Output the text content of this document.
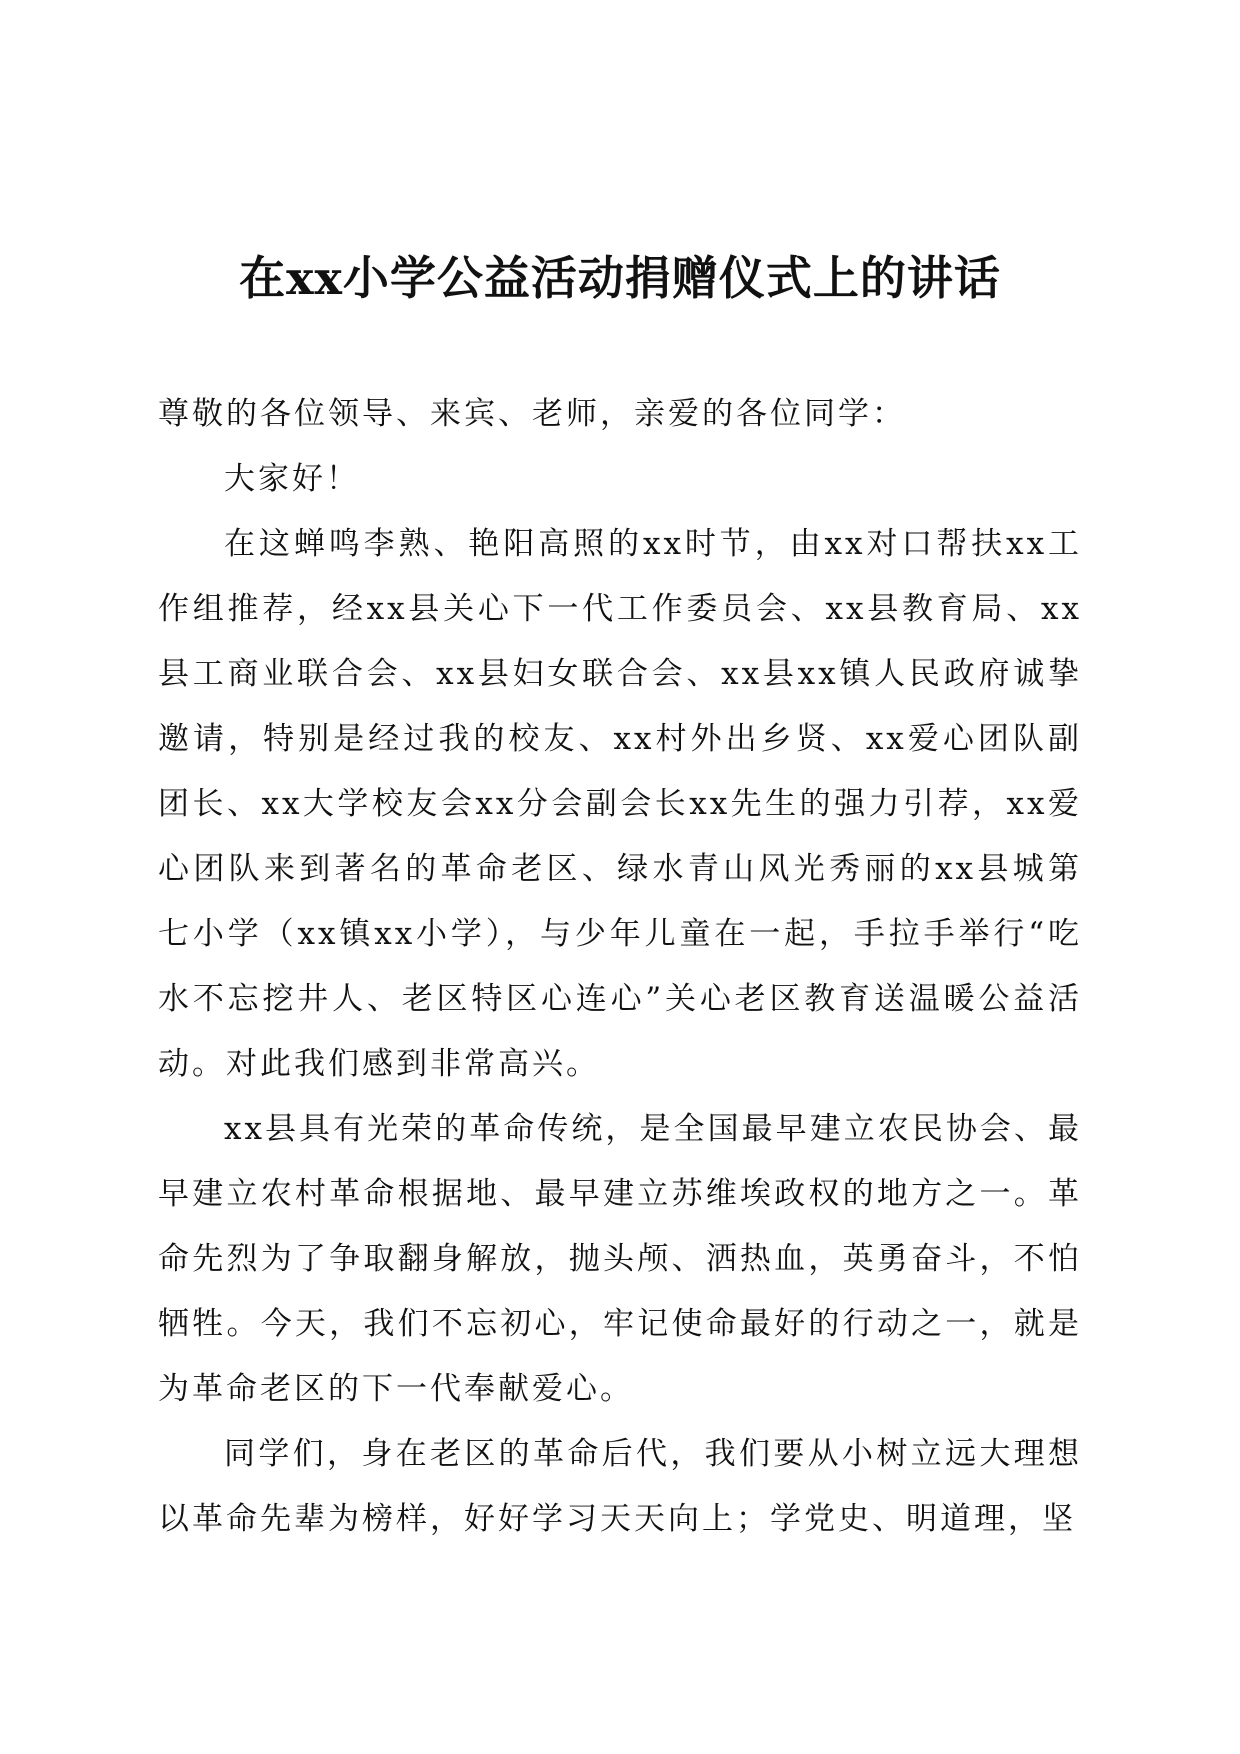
在xx小学公益活动捐赠仪式上的讲话

尊敬的各位领导、来宾、老师，亲爱的各位同学：

大家好！

在这蝉鸣李熟、艳阳高照的xx时节，由xx对口帮扶xx工作组推荐，经xx县关心下一代工作委员会、xx县教育局、xx县工商业联合会、xx县妇女联合会、xx县xx镇人民政府诚挚邀请，特别是经过我的校友、xx村外出乡贤、xx爱心团队副团长、xx大学校友会xx分会副会长xx先生的强力引荐，xx爱心团队来到著名的革命老区、绿水青山风光秀丽的xx县城第七小学（xx镇xx小学），与少年儿童在一起，手拉手举行“吃水不忘挖井人、老区特区心连心”关心老区教育送温暖公益活动。对此我们感到非常高兴。

xx县具有光荣的革命传统，是全国最早建立农民协会、最早建立农村革命根据地、最早建立苏维埃政权的地方之一。革命先烈为了争取翻身解放，抛头颅、洒热血，英勇奋斗，不怕牺牲。今天，我们不忘初心，牢记使命最好的行动之一，就是为革命老区的下一代奉献爱心。

同学们，身在老区的革命后代，我们要从小树立远大理想以革命先辈为榜样，好好学习天天向上；学党史、明道理，坚
